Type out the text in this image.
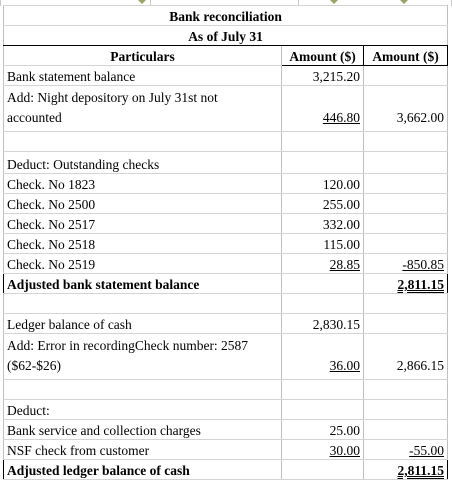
Bank reconciliation		
As of July 31		
Particulars	Amount ($)	Amount ($)
Bank statement balance	3,215.20	
Add: Night depository on July 31st not		
accounted	446.80	3,662.00

Deduct: Outstanding checks		
Check. No 1823	120.00	
Check. No 2500	255.00	
Check. No 2517	332.00	
Check. No 2518	115.00	
Check. No 2519	28.85	-850.85
Adjusted bank statement balance		2,811.15

Ledger balance of cash	2,830.15	
Add: Error in recordingCheck number: 2587		
($62-$26)	36.00	2,866.15

Deduct:		
Bank service and collection charges	25.00	
NSF check from customer	30.00	-55.00
Adjusted ledger balance of cash		2,811.15
